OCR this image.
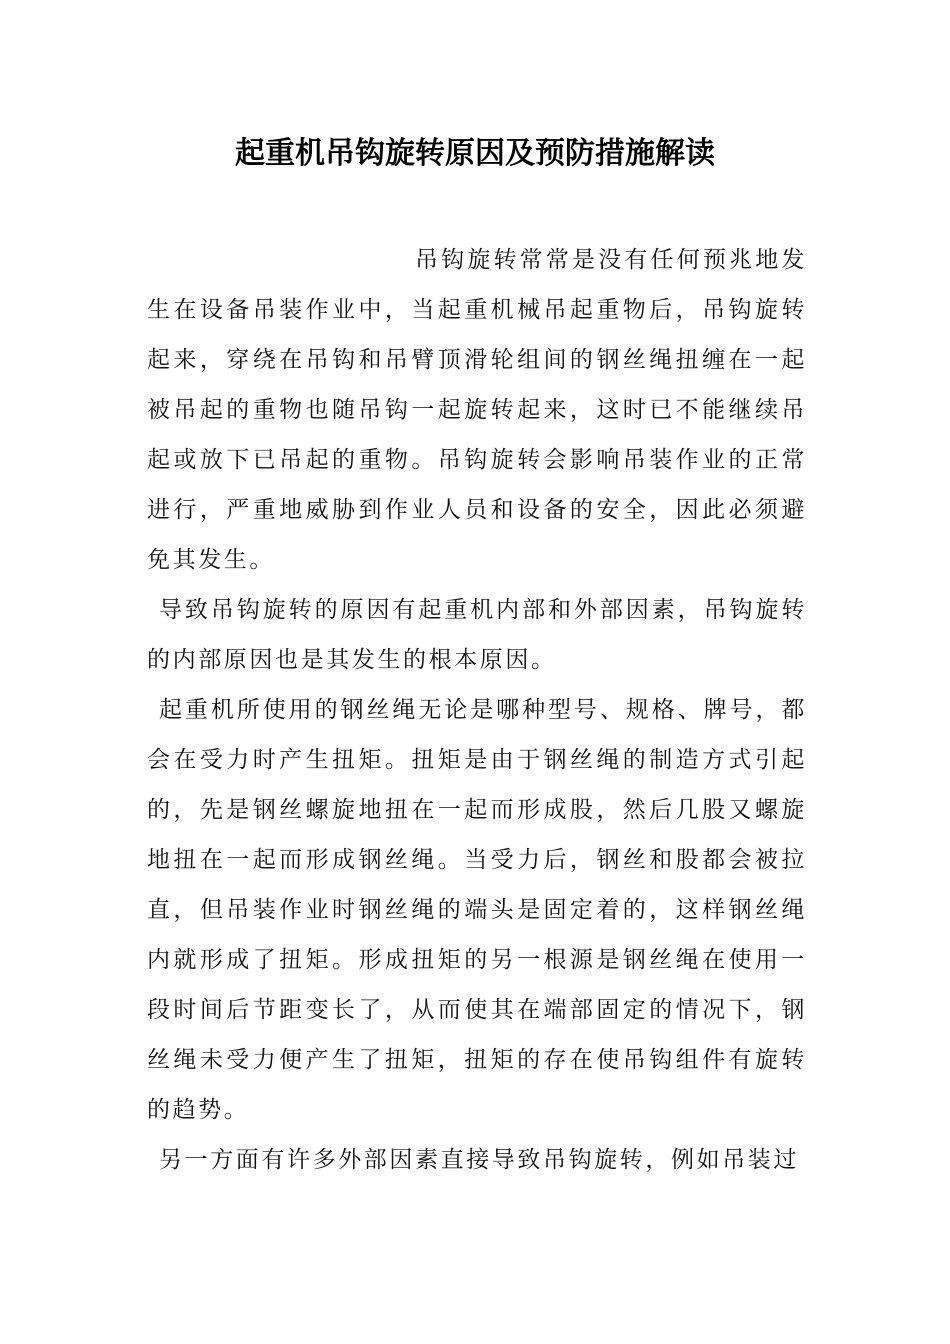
起重机吊钩旋转原因及预防措施解读

吊钩旋转常常是没有任何预兆地发生在设备吊装作业中，当起重机械吊起重物后，吊钩旋转起来，穿绕在吊钩和吊臂顶滑轮组间的钢丝绳扭缠在一起被吊起的重物也随吊钩一起旋转起来，这时已不能继续吊起或放下已吊起的重物。吊钩旋转会影响吊装作业的正常进行，严重地威胁到作业人员和设备的安全，因此必须避免其发生。

导致吊钩旋转的原因有起重机内部和外部因素，吊钩旋转的内部原因也是其发生的根本原因。

起重机所使用的钢丝绳无论是哪种型号、规格、牌号，都会在受力时产生扭矩。扭矩是由于钢丝绳的制造方式引起的，先是钢丝螺旋地扭在一起而形成股，然后几股又螺旋地扭在一起而形成钢丝绳。当受力后，钢丝和股都会被拉直，但吊装作业时钢丝绳的端头是固定着的，这样钢丝绳内就形成了扭矩。形成扭矩的另一根源是钢丝绳在使用一段时间后节距变长了，从而使其在端部固定的情况下，钢丝绳未受力便产生了扭矩，扭矩的存在使吊钩组件有旋转的趋势。

另一方面有许多外部因素直接导致吊钩旋转，例如吊装过
